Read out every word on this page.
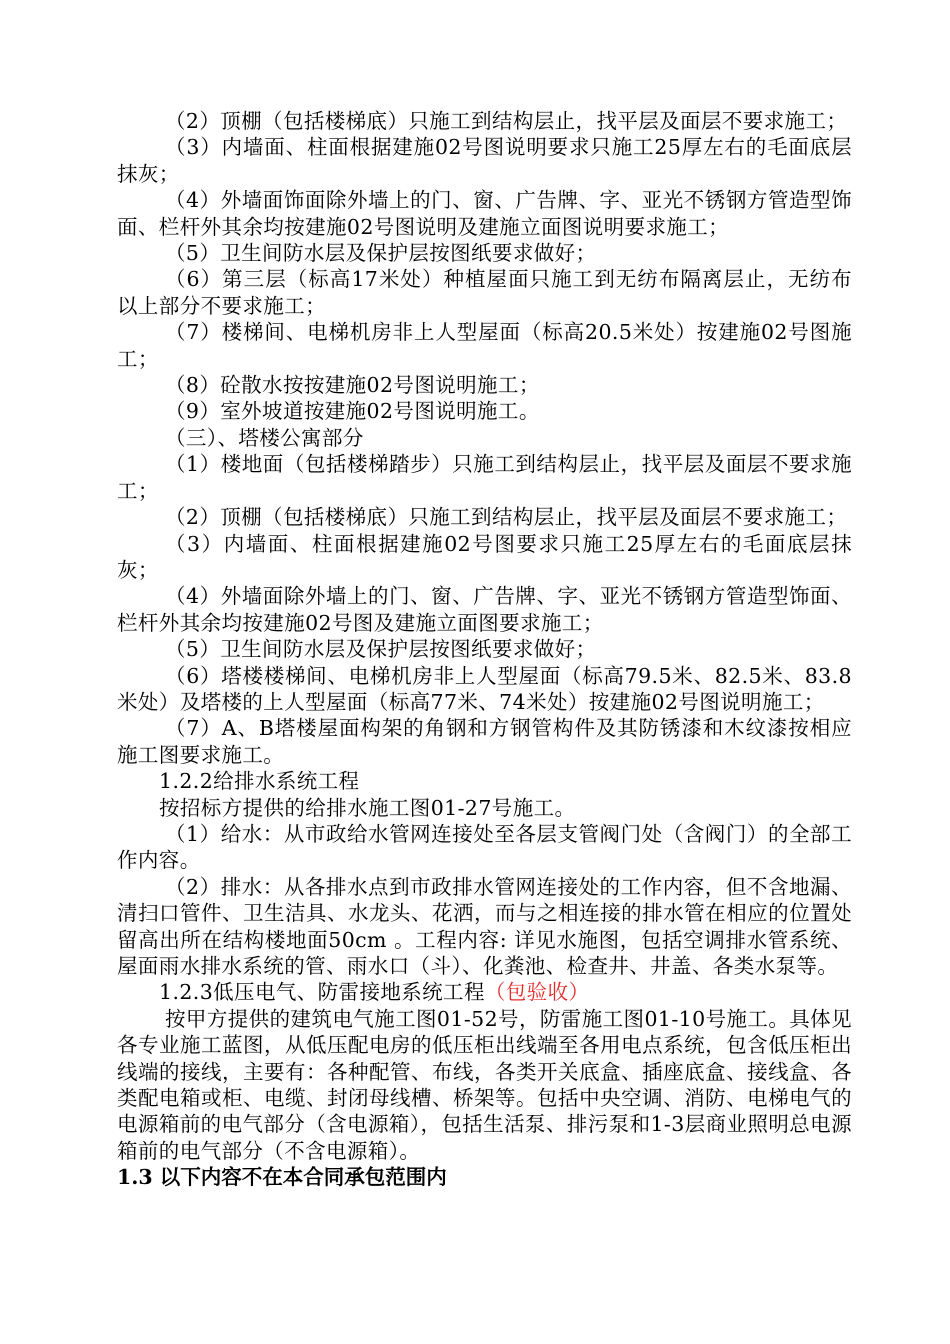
（2）顶棚（包括楼梯底）只施工到结构层止，找平层及面层不要求施工；

（3）内墙面、柱面根据建施02号图说明要求只施工25厚左右的毛面底层抹灰；

（4）外墙面饰面除外墙上的门、窗、广告牌、字、亚光不锈钢方管造型饰面、栏杆外其余均按建施02号图说明及建施立面图说明要求施工；

（5）卫生间防水层及保护层按图纸要求做好；

（6）第三层（标高17米处）种植屋面只施工到无纺布隔离层止，无纺布以上部分不要求施工；

（7）楼梯间、电梯机房非上人型屋面（标高20.5米处）按建施02号图施工；

（8）砼散水按按建施02号图说明施工；

（9）室外坡道按建施02号图说明施工。

（三）、塔楼公寓部分

（1）楼地面（包括楼梯踏步）只施工到结构层止，找平层及面层不要求施工；

（2）顶棚（包括楼梯底）只施工到结构层止，找平层及面层不要求施工；

（3）内墙面、柱面根据建施02号图要求只施工25厚左右的毛面底层抹灰；

（4）外墙面除外墙上的门、窗、广告牌、字、亚光不锈钢方管造型饰面、栏杆外其余均按建施02号图及建施立面图要求施工；

（5）卫生间防水层及保护层按图纸要求做好；

（6）塔楼楼梯间、电梯机房非上人型屋面（标高79.5米、82.5米、83.8米处）及塔楼的上人型屋面（标高77米、74米处）按建施02号图说明施工；

（7）A、B塔楼屋面构架的角钢和方钢管构件及其防锈漆和木纹漆按相应施工图要求施工。

1.2.2给排水系统工程

按招标方提供的给排水施工图01-27号施工。

（1）给水：从市政给水管网连接处至各层支管阀门处（含阀门）的全部工作内容。

（2）排水：从各排水点到市政排水管网连接处的工作内容，但不含地漏、清扫口管件、卫生洁具、水龙头、花洒，而与之相连接的排水管在相应的位置处留高出所在结构楼地面50cm 。工程内容: 详见水施图，包括空调排水管系统、屋面雨水排水系统的管、雨水口（斗）、化粪池、检查井、井盖、各类水泵等。

1.2.3低压电气、防雷接地系统工程（包验收）

按甲方提供的建筑电气施工图01-52号，防雷施工图01-10号施工。具体见各专业施工蓝图，从低压配电房的低压柜出线端至各用电点系统，包含低压柜出线端的接线，主要有：各种配管、布线，各类开关底盒、插座底盒、接线盒、各类配电箱或柜、电缆、封闭母线槽、桥架等。包括中央空调、消防、电梯电气的电源箱前的电气部分（含电源箱），包括生活泵、排污泵和1-3层商业照明总电源箱前的电气部分（不含电源箱）。

1.3 以下内容不在本合同承包范围内
